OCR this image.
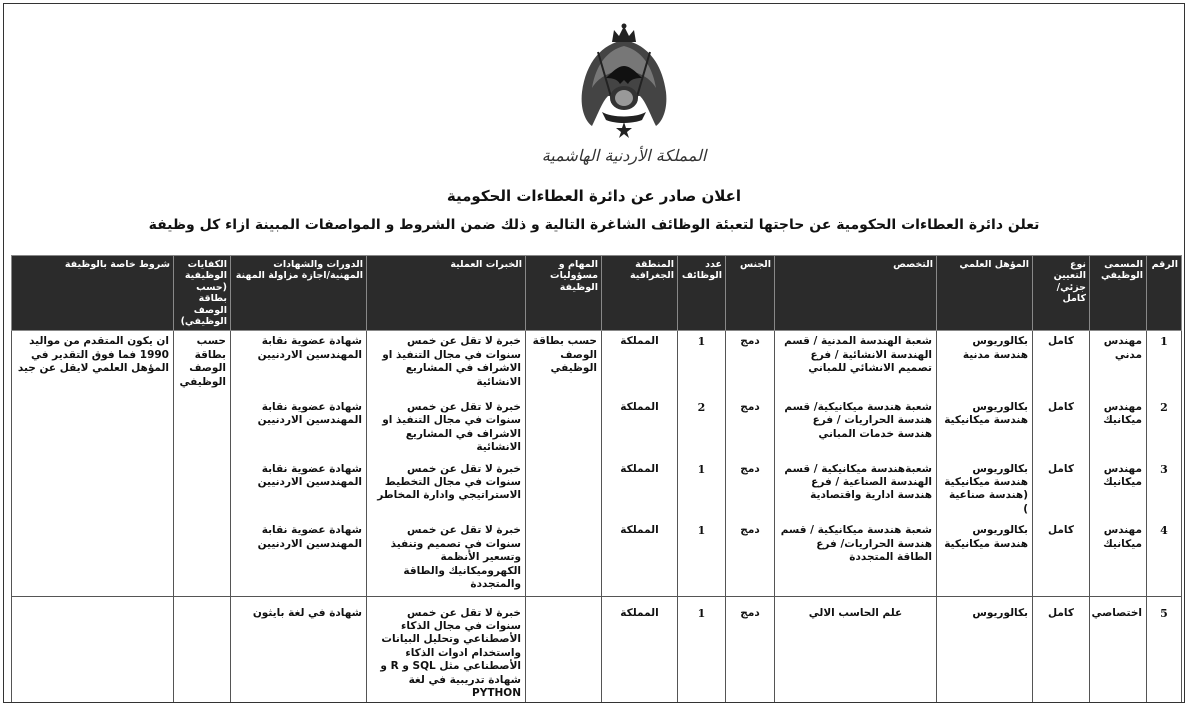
المملكة الأردنية الهاشمية
اعلان صادر عن دائرة العطاءات الحكومية
تعلن دائرة العطاءات الحكومية عن حاجتها لتعبئة الوظائف الشاغرة التالية و ذلك ضمن الشروط و المواصفات المبينة ازاء كل وظيفة
الرقم	المسمى الوظيفي	نوع التعيين جزئي/كامل	المؤهل العلمي	التخصص	الجنس	عدد الوظائف	المنطقة الجغرافية	المهام و مسؤوليات الوظيفة	الخبرات العملية	الدورات والشهادات المهنية/اجازة مزاولة المهنة	الكفايات الوظيفية (حسب بطاقة الوصف الوظيفي)	شروط خاصة بالوظيفة
1	مهندس مدني	كامل	بكالوريوس هندسة مدنية	شعبة الهندسة المدنية / قسم الهندسة الانشائية / فرع تصميم الانشائي للمباني	دمج	1	المملكة	حسب بطاقة الوصف الوظيفي	خبرة لا تقل عن خمس سنوات في مجال التنفيذ او الاشراف في المشاريع الانشائية	شهادة عضوية نقابة المهندسين الاردنيين	حسب بطاقة الوصف الوظيفي	ان يكون المتقدم من مواليد 1990 فما فوق التقدير في المؤهل العلمي لايقل عن جيد
2	مهندس ميكانيك	كامل	بكالوريوس هندسة ميكانيكية	شعبة هندسة ميكانيكية/ قسم هندسة الحراريات / فرع هندسة خدمات المباني	دمج	2	المملكة		خبرة لا تقل عن خمس سنوات في مجال التنفيذ او الاشراف في المشاريع الانشائية	شهادة عضوية نقابة المهندسين الاردنيين		
3	مهندس ميكانيك	كامل	بكالوريوس هندسة ميكانيكية (هندسة صناعية )	شعبةهندسة ميكانيكية / قسم الهندسة الصناعية / فرع هندسة ادارية واقتصادية	دمج	1	المملكة		خبرة لا تقل عن خمس سنوات في مجال التخطيط الاستراتيجي وادارة المخاطر	شهادة عضوية نقابة المهندسين الاردنيين		
4	مهندس ميكانيك	كامل	بكالوريوس هندسة ميكانيكية	شعبة هندسة ميكانيكية / قسم هندسة الحراريات/ فرع الطاقة المتجددة	دمج	1	المملكة		خبرة لا تقل عن خمس سنوات في تصميم وتنفيذ وتسعير الأنظمة الكهروميكانيك والطاقة والمتجددة	شهادة عضوية نقابة المهندسين الاردنيين		
5	اختصاصي	كامل	بكالوريوس	علم الحاسب الالي	دمج	1	المملكة		خبرة لا تقل عن خمس سنوات في مجال الذكاء الأصطناعي وتحليل البيانات واستخدام ادوات الذكاء الأصطناعي مثل SQL و R و شهادة تدريبية في لغة PYTHON	شهادة في لغة بايثون		
